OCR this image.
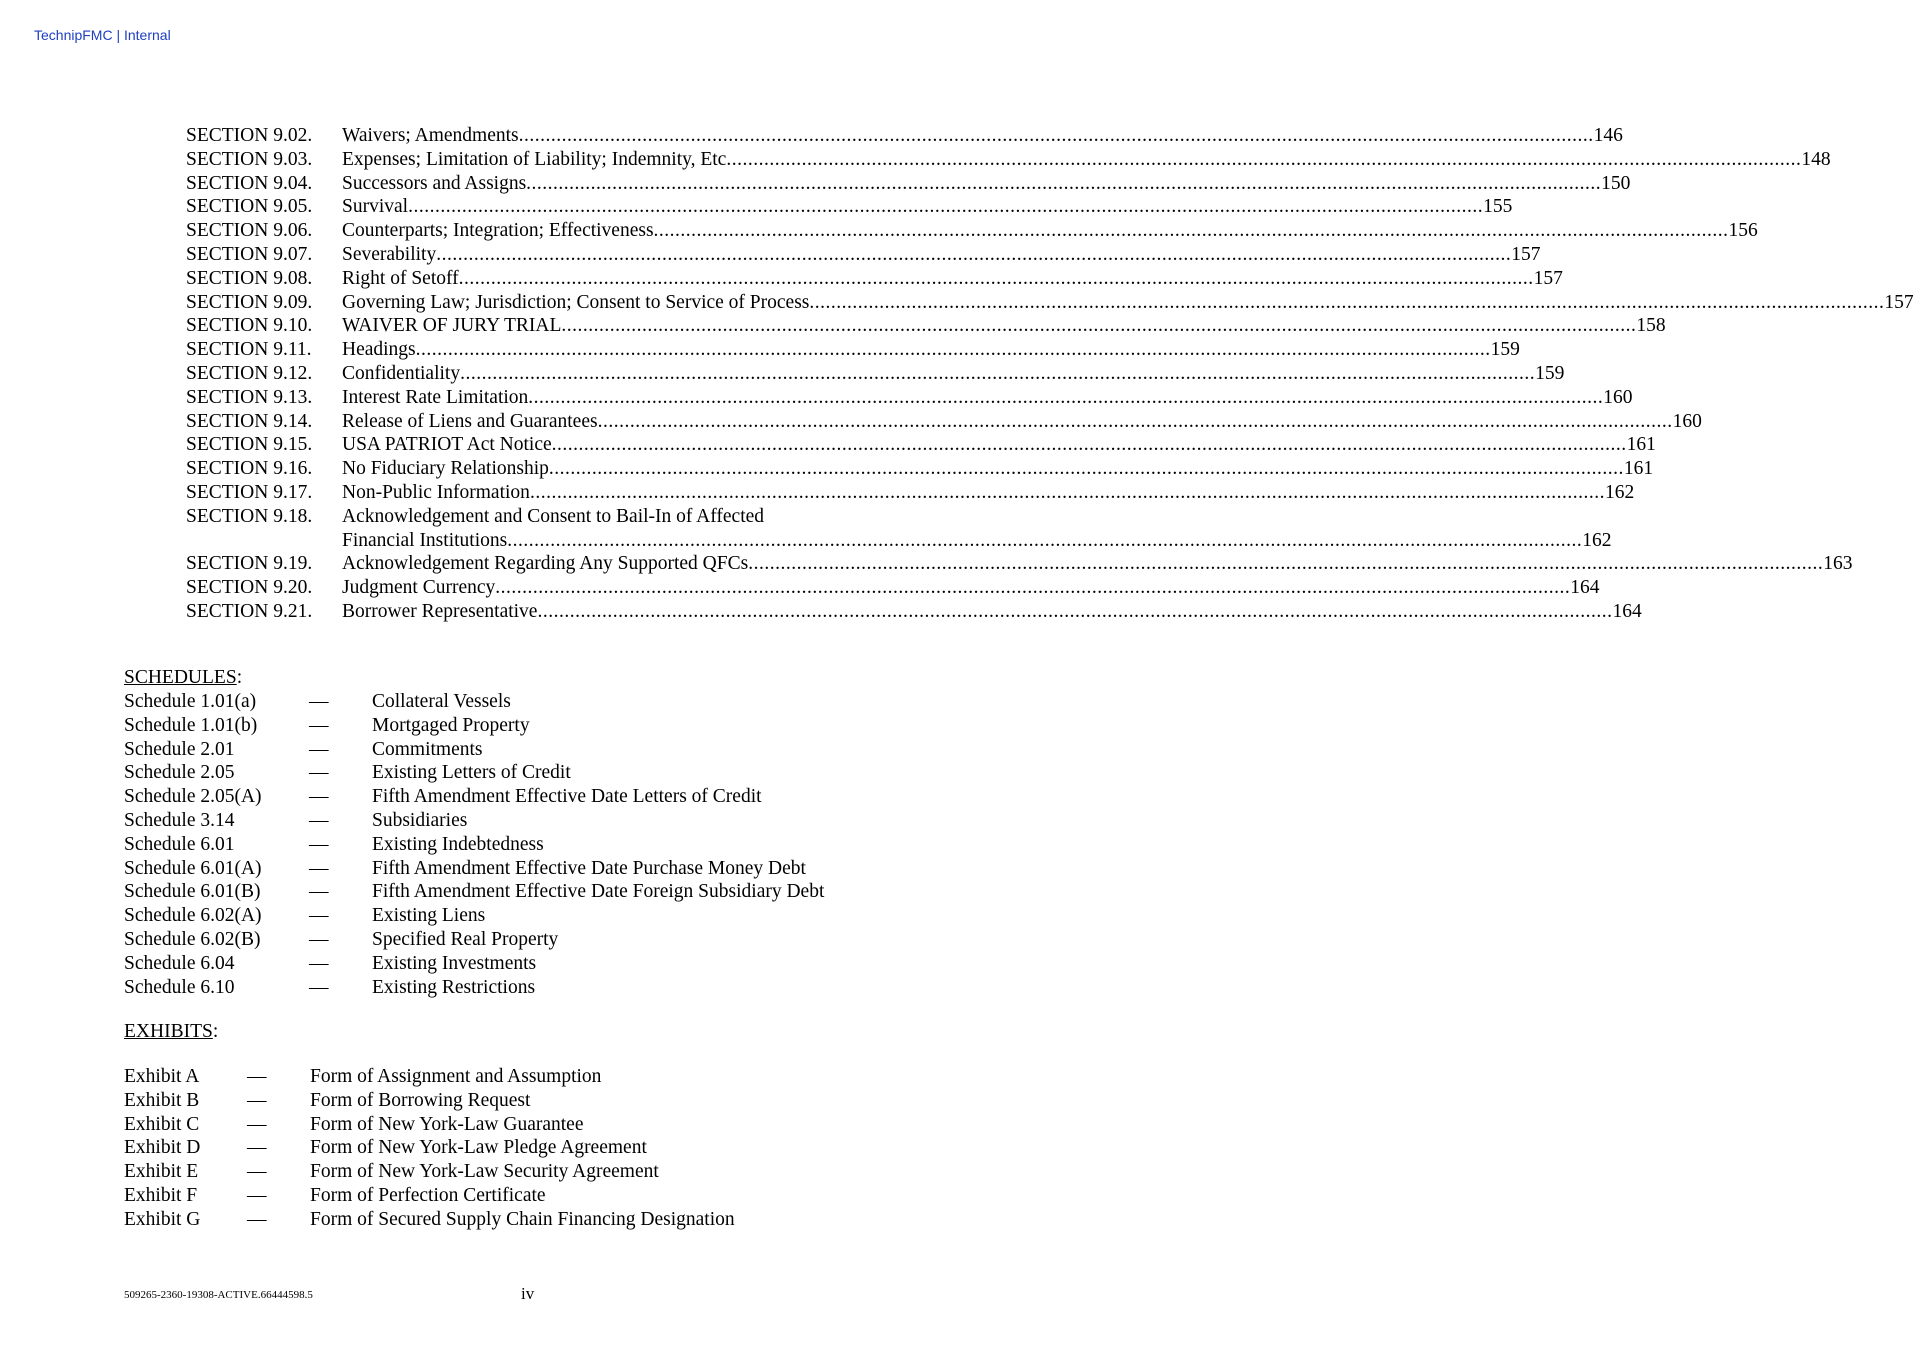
TechnipFMC | Internal
SECTION 9.02.	Waivers; Amendments ........................................................................................................................................................................................................ 146
SECTION 9.03.	Expenses; Limitation of Liability; Indemnity, Etc ........................................................................................................................................................................................................ 148
SECTION 9.04.	Successors and Assigns ........................................................................................................................................................................................................ 150
SECTION 9.05.	Survival ........................................................................................................................................................................................................ 155
SECTION 9.06.	Counterparts; Integration; Effectiveness ........................................................................................................................................................................................................ 156
SECTION 9.07.	Severability ........................................................................................................................................................................................................ 157
SECTION 9.08.	Right of Setoff ........................................................................................................................................................................................................ 157
SECTION 9.09.	Governing Law; Jurisdiction; Consent to Service of Process ........................................................................................................................................................................................................ 157
SECTION 9.10.	WAIVER OF JURY TRIAL ........................................................................................................................................................................................................ 158
SECTION 9.11.	Headings ........................................................................................................................................................................................................ 159
SECTION 9.12.	Confidentiality ........................................................................................................................................................................................................ 159
SECTION 9.13.	Interest Rate Limitation ........................................................................................................................................................................................................ 160
SECTION 9.14.	Release of Liens and Guarantees ........................................................................................................................................................................................................ 160
SECTION 9.15.	USA PATRIOT Act Notice ........................................................................................................................................................................................................ 161
SECTION 9.16.	No Fiduciary Relationship ........................................................................................................................................................................................................ 161
SECTION 9.17.	Non-Public Information ........................................................................................................................................................................................................ 162
SECTION 9.18.	Acknowledgement and Consent to Bail-In of Affected
Financial Institutions ........................................................................................................................................................................................................ 162
SECTION 9.19.	Acknowledgement Regarding Any Supported QFCs ........................................................................................................................................................................................................ 163
SECTION 9.20.	Judgment Currency ........................................................................................................................................................................................................ 164
SECTION 9.21.	Borrower Representative ........................................................................................................................................................................................................ 164
SCHEDULES:
Schedule 1.01(a)	—	Collateral Vessels
Schedule 1.01(b)	—	Mortgaged Property
Schedule 2.01	—	Commitments
Schedule 2.05	—	Existing Letters of Credit
Schedule 2.05(A)	—	Fifth Amendment Effective Date Letters of Credit
Schedule 3.14	—	Subsidiaries
Schedule 6.01	—	Existing Indebtedness
Schedule 6.01(A)	—	Fifth Amendment Effective Date Purchase Money Debt
Schedule 6.01(B)	—	Fifth Amendment Effective Date Foreign Subsidiary Debt
Schedule 6.02(A)	—	Existing Liens
Schedule 6.02(B)	—	Specified Real Property
Schedule 6.04	—	Existing Investments
Schedule 6.10	—	Existing Restrictions
EXHIBITS:
Exhibit A	—	Form of Assignment and Assumption
Exhibit B	—	Form of Borrowing Request
Exhibit C	—	Form of New York-Law Guarantee
Exhibit D	—	Form of New York-Law Pledge Agreement
Exhibit E	—	Form of New York-Law Security Agreement
Exhibit F	—	Form of Perfection Certificate
Exhibit G	—	Form of Secured Supply Chain Financing Designation
509265-2360-19308-ACTIVE.66444598.5	iv
